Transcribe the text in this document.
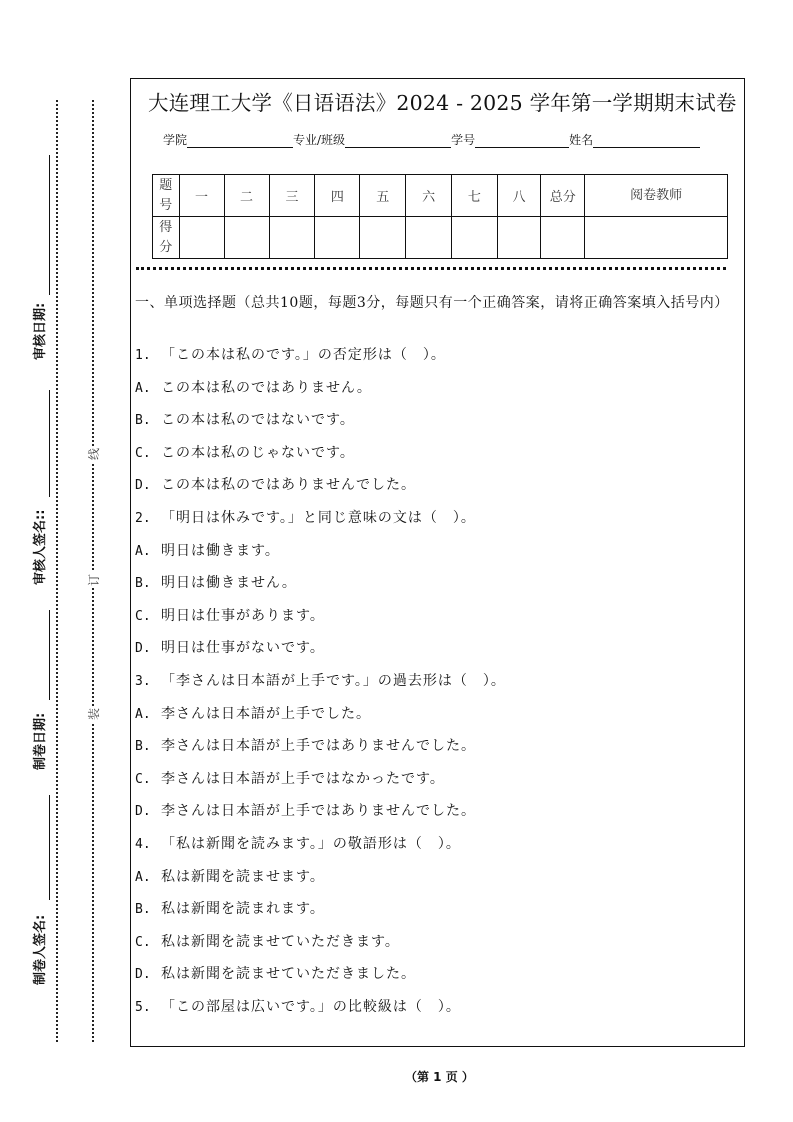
制卷人签名:
制卷日期:
审核人签名::
审核日期:
装
订
线
大连理工大学《日语语法》2024 - 2025 学年第一学期期末试卷
学院	专业/班级	学号	姓名
题号	一	二	三	四	五	六	七	八	总分	阅卷教师
得分										
一、单项选择题（总共10题，每题3分，每题只有一个正确答案，请将正确答案填入括号内）
1. 「この本は私のです。」の否定形は（　）。
A. この本は私のではありません。
B. この本は私のではないです。
C. この本は私のじゃないです。
D. この本は私のではありませんでした。
2. 「明日は休みです。」と同じ意味の文は（　）。
A. 明日は働きます。
B. 明日は働きません。
C. 明日は仕事があります。
D. 明日は仕事がないです。
3. 「李さんは日本語が上手です。」の過去形は（　）。
A. 李さんは日本語が上手でした。
B. 李さんは日本語が上手ではありませんでした。
C. 李さんは日本語が上手ではなかったです。
D. 李さんは日本語が上手ではありませんでした。
4. 「私は新聞を読みます。」の敬語形は（　）。
A. 私は新聞を読ませます。
B. 私は新聞を読まれます。
C. 私は新聞を読ませていただきます。
D. 私は新聞を読ませていただきました。
5. 「この部屋は広いです。」の比較級は（　）。
（第 1 页 ）
